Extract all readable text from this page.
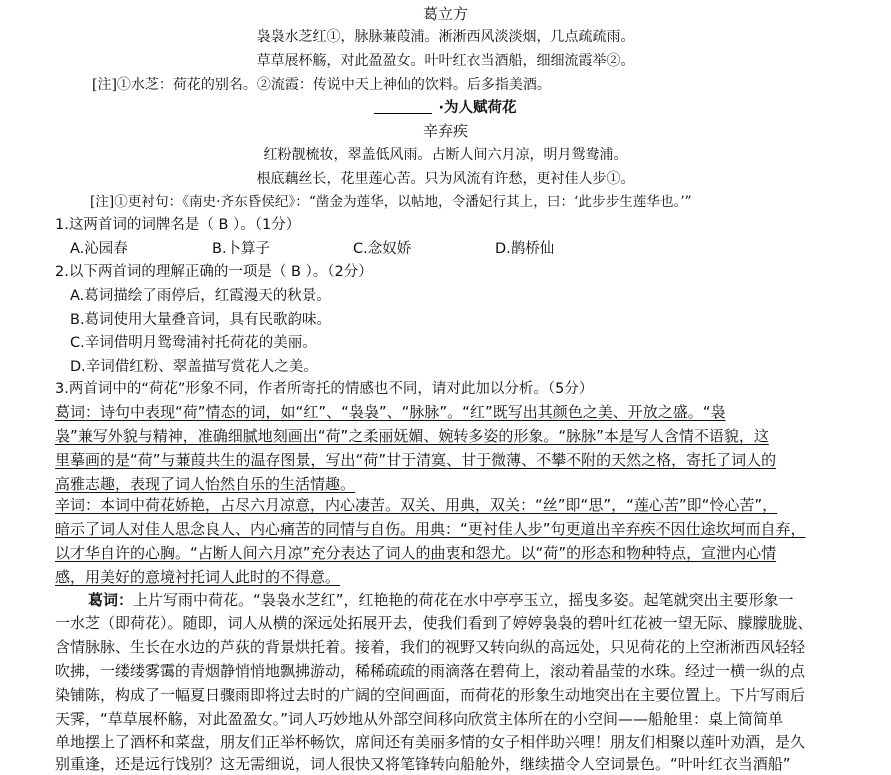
葛立方
袅袅水芝红①，脉脉蒹葭浦。淅淅西风淡淡烟，几点疏疏雨。
草草展杯觞，对此盈盈女。叶叶红衣当酒船，细细流霞举②。
[注]①水芝：荷花的别名。②流霞：传说中天上神仙的饮料。后多指美酒。
·为人赋荷花
辛弃疾
红粉靓梳妆，翠盖低风雨。占断人间六月凉，明月鸳鸯浦。
根底藕丝长，花里莲心苦。只为风流有许愁，更衬佳人步①。
[注]①更衬句：《南史·齐东昏侯纪》：“凿金为莲华，以帖地，令潘妃行其上，曰：‘此步步生莲华也。’”
1.这两首词的词牌名是（ B ）。（1分）
A.沁园春	B.卜算子	C.念奴娇	D.鹊桥仙
2.以下两首词的理解正确的一项是（ B ）。（2分）
A.葛词描绘了雨停后，红霞漫天的秋景。
B.葛词使用大量叠音词，具有民歌韵味。
C.辛词借明月鸳鸯浦衬托荷花的美丽。
D.辛词借红粉、翠盖描写赏花人之美。
3.两首词中的“荷花”形象不同，作者所寄托的情感也不同，请对此加以分析。（5分）
葛词：诗句中表现“荷”情态的词，如“红”、“袅袅”、“脉脉”。“红”既写出其颜色之美、开放之盛。“袅
袅”兼写外貌与精神，准确细腻地刻画出“荷”之柔丽妩媚、婉转多姿的形象。“脉脉”本是写人含情不语貌，这
里摹画的是“荷”与蒹葭共生的温存图景，写出“荷”甘于清寞、甘于微薄、不攀不附的天然之格，寄托了词人的
高雅志趣，表现了词人怡然自乐的生活情趣。
辛词：本词中荷花娇艳，占尽六月凉意，内心凄苦。双关、用典，双关：“丝”即“思”，“莲心苦”即“怜心苦”，
暗示了词人对佳人思念良人、内心痛苦的同情与自伤。用典：“更衬佳人步”句更道出辛弃疾不因仕途坎坷而自弃，
以才华自许的心胸。“占断人间六月凉”充分表达了词人的曲衷和怨尤。以“荷”的形态和物种特点，宣泄内心情
感，用美好的意境衬托词人此时的不得意。
葛词：上片写雨中荷花。“袅袅水芝红”，红艳艳的荷花在水中亭亭玉立，摇曳多姿。起笔就突出主要形象一
一水芝（即荷花）。随即，词人从横的深远处拓展开去，使我们看到了婷婷袅袅的碧叶红花被一望无际、朦朦胧胧、
含情脉脉、生长在水边的芦荻的背景烘托着。接着，我们的视野又转向纵的高远处，只见荷花的上空淅淅西风轻轻
吹拂，一缕缕雾霭的青烟静悄悄地飘拂游动，稀稀疏疏的雨滴落在碧荷上，滚动着晶莹的水珠。经过一横一纵的点
染铺陈，构成了一幅夏日骤雨即将过去时的广阔的空间画面，而荷花的形象生动地突出在主要位置上。下片写雨后
天霁，“草草展杯觞，对此盈盈女。”词人巧妙地从外部空间移向欣赏主体所在的小空间——船舱里：桌上简简单
单地摆上了酒杯和菜盘，朋友们正举杯畅饮，席间还有美丽多情的女子相伴助兴哩！朋友们相聚以莲叶劝酒，是久
别重逢，还是远行饯别？这无需细说，词人很快又将笔锋转向船舱外，继续描令人空词景色。“叶叶红衣当酒船”
